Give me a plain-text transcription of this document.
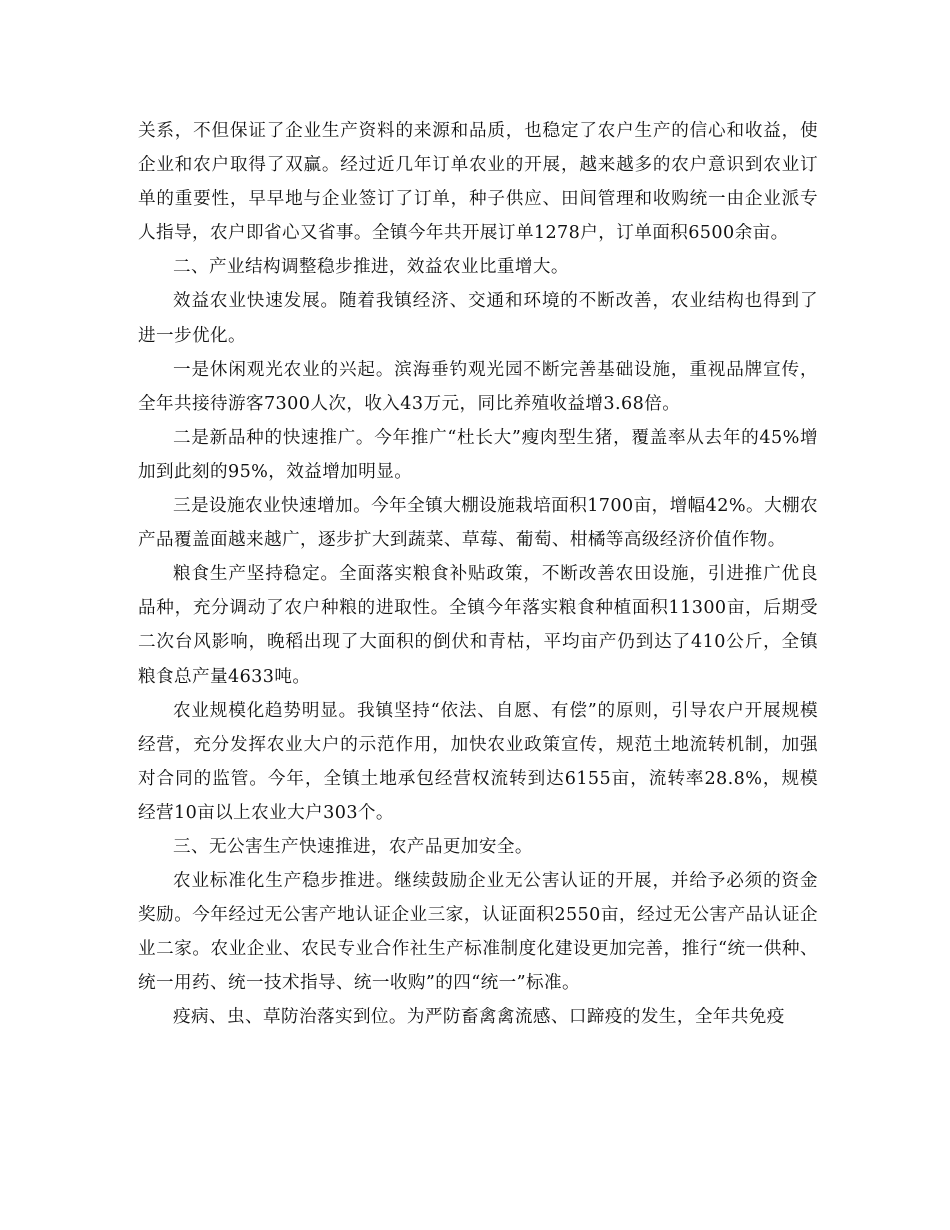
关系，不但保证了企业生产资料的来源和品质，也稳定了农户生产的信心和收益，使企业和农户取得了双赢。经过近几年订单农业的开展，越来越多的农户意识到农业订单的重要性，早早地与企业签订了订单，种子供应、田间管理和收购统一由企业派专人指导，农户即省心又省事。全镇今年共开展订单1278户，订单面积6500余亩。

二、产业结构调整稳步推进，效益农业比重增大。

效益农业快速发展。随着我镇经济、交通和环境的不断改善，农业结构也得到了进一步优化。

一是休闲观光农业的兴起。滨海垂钓观光园不断完善基础设施，重视品牌宣传，全年共接待游客7300人次，收入43万元，同比养殖收益增3.68倍。

二是新品种的快速推广。今年推广“杜长大”瘦肉型生猪，覆盖率从去年的45%增加到此刻的95%，效益增加明显。

三是设施农业快速增加。今年全镇大棚设施栽培面积1700亩，增幅42%。大棚农产品覆盖面越来越广，逐步扩大到蔬菜、草莓、葡萄、柑橘等高级经济价值作物。

粮食生产坚持稳定。全面落实粮食补贴政策，不断改善农田设施，引进推广优良品种，充分调动了农户种粮的进取性。全镇今年落实粮食种植面积11300亩，后期受二次台风影响，晚稻出现了大面积的倒伏和青枯，平均亩产仍到达了410公斤，全镇粮食总产量4633吨。

农业规模化趋势明显。我镇坚持“依法、自愿、有偿”的原则，引导农户开展规模经营，充分发挥农业大户的示范作用，加快农业政策宣传，规范土地流转机制，加强对合同的监管。今年，全镇土地承包经营权流转到达6155亩，流转率28.8%，规模经营10亩以上农业大户303个。

三、无公害生产快速推进，农产品更加安全。

农业标准化生产稳步推进。继续鼓励企业无公害认证的开展，并给予必须的资金奖励。今年经过无公害产地认证企业三家，认证面积2550亩，经过无公害产品认证企业二家。农业企业、农民专业合作社生产标准制度化建设更加完善，推行“统一供种、统一用药、统一技术指导、统一收购”的四“统一”标准。

疫病、虫、草防治落实到位。为严防畜禽禽流感、口蹄疫的发生，全年共免疫
